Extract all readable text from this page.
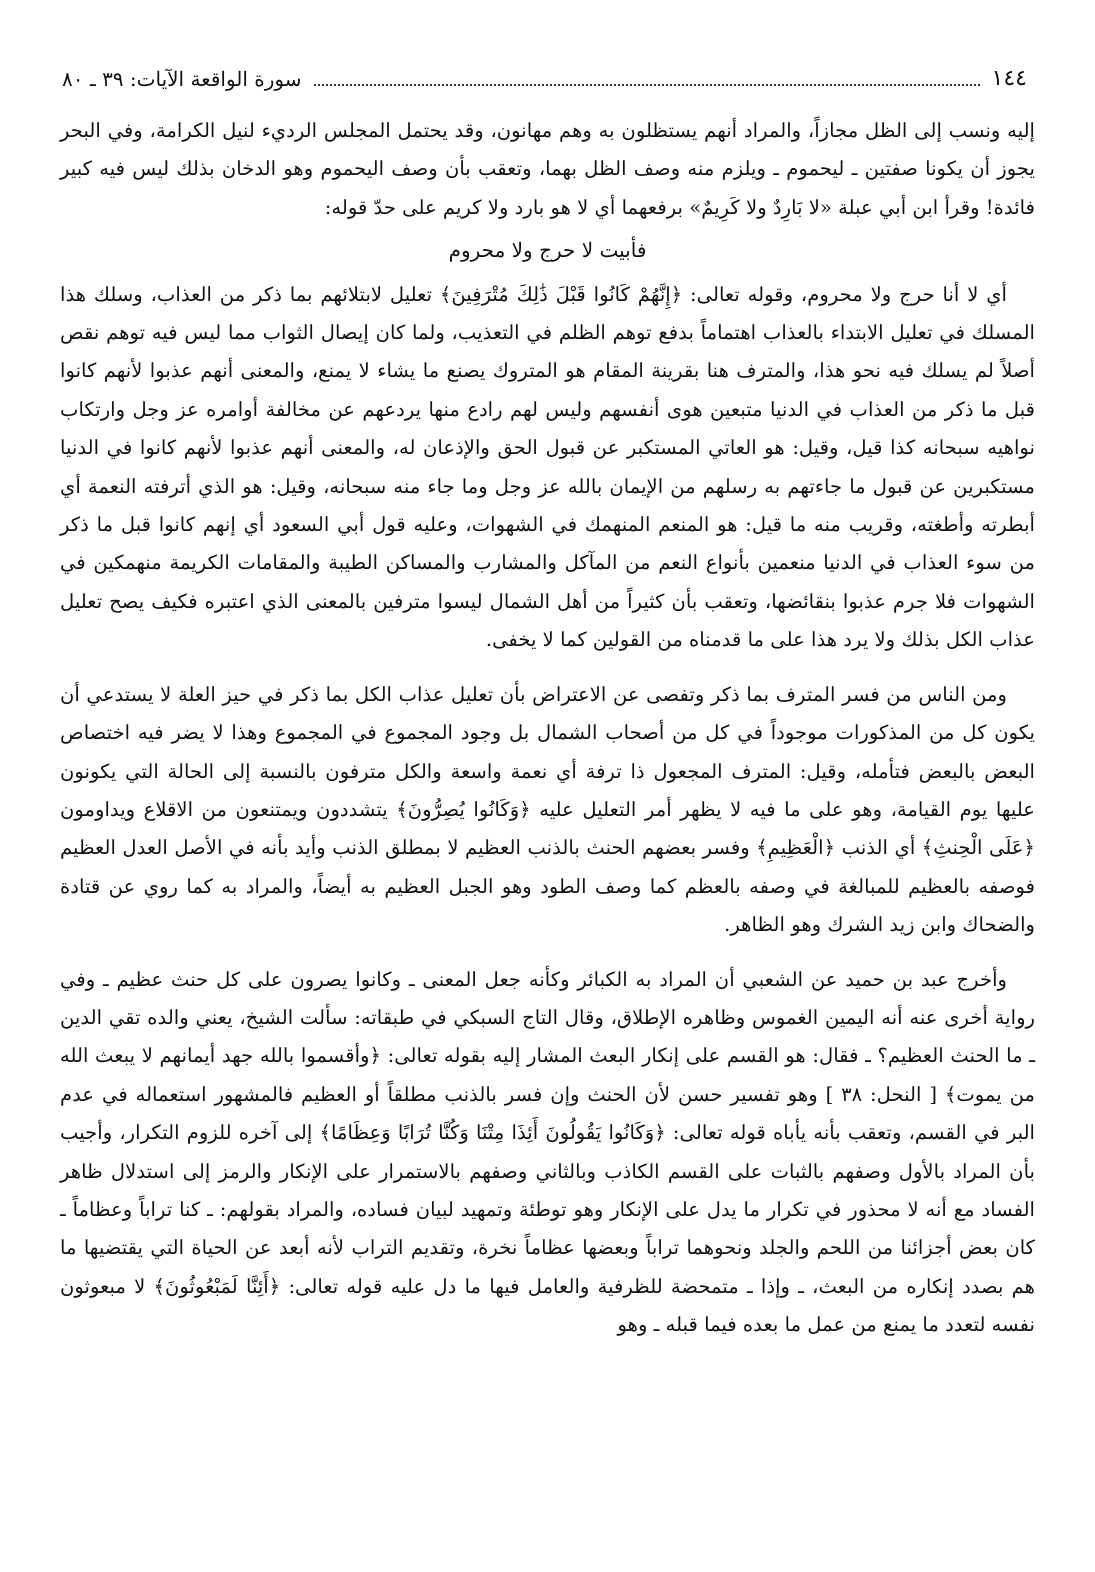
١٤٤
سورة الواقعة الآيات: ٣٩ ـ ٨٠

إليه ونسب إلى الظل مجازاً، والمراد أنهم يستظلون به وهم مهانون، وقد يحتمل المجلس الرديء لنيل الكرامة، وفي البحر يجوز أن يكونا صفتين ـ ليحموم ـ ويلزم منه وصف الظل بهما، وتعقب بأن وصف اليحموم وهو الدخان بذلك ليس فيه كبير فائدة! وقرأ ابن أبي عبلة «لا بَارِدٌ ولا كَرِيمٌ» برفعهما أي لا هو بارد ولا كريم على حدّ قوله:

فأبيت لا حرج ولا محروم

أي لا أنا حرج ولا محروم، وقوله تعالى: ﴿إِنَّهُمْ كَانُوا قَبْلَ ذَٰلِكَ مُتْرَفِينَ﴾ تعليل لابتلائهم بما ذكر من العذاب، وسلك هذا المسلك في تعليل الابتداء بالعذاب اهتماماً بدفع توهم الظلم في التعذيب، ولما كان إيصال الثواب مما ليس فيه توهم نقص أصلاً لم يسلك فيه نحو هذا، والمترف هنا بقرينة المقام هو المتروك يصنع ما يشاء لا يمنع، والمعنى أنهم عذبوا لأنهم كانوا قبل ما ذكر من العذاب في الدنيا متبعين هوى أنفسهم وليس لهم رادع منها يردعهم عن مخالفة أوامره عز وجل وارتكاب نواهيه سبحانه كذا قيل، وقيل: هو العاتي المستكبر عن قبول الحق والإذعان له، والمعنى أنهم عذبوا لأنهم كانوا في الدنيا مستكبرين عن قبول ما جاءتهم به رسلهم من الإيمان بالله عز وجل وما جاء منه سبحانه، وقيل: هو الذي أترفته النعمة أي أبطرته وأطغته، وقريب منه ما قيل: هو المنعم المنهمك في الشهوات، وعليه قول أبي السعود أي إنهم كانوا قبل ما ذكر من سوء العذاب في الدنيا منعمين بأنواع النعم من المآكل والمشارب والمساكن الطيبة والمقامات الكريمة منهمكين في الشهوات فلا جرم عذبوا بنقائضها، وتعقب بأن كثيراً من أهل الشمال ليسوا مترفين بالمعنى الذي اعتبره فكيف يصح تعليل عذاب الكل بذلك ولا يرد هذا على ما قدمناه من القولين كما لا يخفى.

ومن الناس من فسر المترف بما ذكر وتفصى عن الاعتراض بأن تعليل عذاب الكل بما ذكر في حيز العلة لا يستدعي أن يكون كل من المذكورات موجوداً في كل من أصحاب الشمال بل وجود المجموع في المجموع وهذا لا يضر فيه اختصاص البعض بالبعض فتأمله، وقيل: المترف المجعول ذا ترفة أي نعمة واسعة والكل مترفون بالنسبة إلى الحالة التي يكونون عليها يوم القيامة، وهو على ما فيه لا يظهر أمر التعليل عليه ﴿وَكَانُوا يُصِرُّونَ﴾ يتشددون ويمتنعون من الاقلاع ويداومون ﴿عَلَى الْحِنثِ﴾ أي الذنب ﴿الْعَظِيمِ﴾ وفسر بعضهم الحنث بالذنب العظيم لا بمطلق الذنب وأيد بأنه في الأصل العدل العظيم فوصفه بالعظيم للمبالغة في وصفه بالعظم كما وصف الطود وهو الجبل العظيم به أيضاً، والمراد به كما روي عن قتادة والضحاك وابن زيد الشرك وهو الظاهر.

وأخرج عبد بن حميد عن الشعبي أن المراد به الكبائر وكأنه جعل المعنى ـ وكانوا يصرون على كل حنث عظيم ـ وفي رواية أخرى عنه أنه اليمين الغموس وظاهره الإطلاق، وقال التاج السبكي في طبقاته: سألت الشيخ، يعني والده تقي الدين ـ ما الحنث العظيم؟ ـ فقال: هو القسم على إنكار البعث المشار إليه بقوله تعالى: ﴿وأقسموا بالله جهد أيمانهم لا يبعث الله من يموت﴾ [ النحل: ٣٨ ] وهو تفسير حسن لأن الحنث وإن فسر بالذنب مطلقاً أو العظيم فالمشهور استعماله في عدم البر في القسم، وتعقب بأنه يأباه قوله تعالى: ﴿وَكَانُوا يَقُولُونَ أَئِذَا مِتْنَا وَكُنَّا تُرَابًا وَعِظَامًا﴾ إلى آخره للزوم التكرار، وأجيب بأن المراد بالأول وصفهم بالثبات على القسم الكاذب وبالثاني وصفهم بالاستمرار على الإنكار والرمز إلى استدلال ظاهر الفساد مع أنه لا محذور في تكرار ما يدل على الإنكار وهو توطئة وتمهيد لبيان فساده، والمراد بقولهم: ـ كنا تراباً وعظاماً ـ كان بعض أجزائنا من اللحم والجلد ونحوهما تراباً وبعضها عظاماً نخرة، وتقديم التراب لأنه أبعد عن الحياة التي يقتضيها ما هم بصدد إنكاره من البعث، ـ وإذا ـ متمحضة للظرفية والعامل فيها ما دل عليه قوله تعالى: ﴿أَئِنَّا لَمَبْعُوثُونَ﴾ لا مبعوثون نفسه لتعدد ما يمنع من عمل ما بعده فيما قبله ـ وهو
